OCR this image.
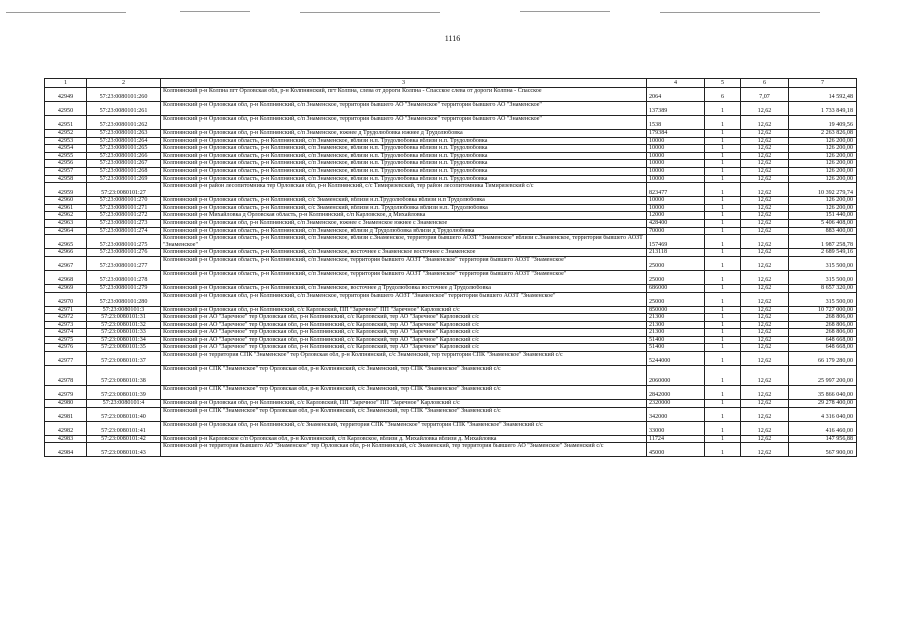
1116
1	2	3	4	5	6	7
42949	57:23:0080101:260	Колпнянский р-н Колпна пгт Орловская обл, р-н Колпнянский, пгт Колпна, слева от дороги Колпна - Спасское слева от дороги Колпна - Спасское	2064	6	7,07	14 592,48
42950	57:23:0080101:261	Колпнянский р-н Орловская обл, р-н Колпнянский, с/п Знаменское, территория бывшего АО "Знаменское" территория бывшего АО "Знаменское"	137389	1	12,62	1 733 849,18
42951	57:23:0080101:262	Колпнянский р-н Орловская обл, р-н Колпнянский, с/п Знаменское, территория бывшего АО "Знаменское" территория бывшего АО "Знаменское"	1538	1	12,62	19 409,56
42952	57:23:0080101:263	Колпнянский р-н Орловская обл, р-н Колпнянский, с/п Знаменское, южнее д Трудолюбовка южнее д Трудолюбовка	179384	1	12,62	2 263 826,08
42953	57:23:0080101:264	Колпнянский р-н Орловская область, р-н Колпнянский, с/п Знаменское, вблизи н.п. Трудолюбовка вблизи н.п. Трудолюбовка	10000	1	12,62	126 200,00
42954	57:23:0080101:265	Колпнянский р-н Орловская область, р-н Колпнянский, с/п Знаменское, вблизи н.п. Трудолюбовка вблизи н.п. Трудолюбовка	10000	1	12,62	126 200,00
42955	57:23:0080101:266	Колпнянский р-н Орловская область, р-н Колпнянский, с/п Знаменское, вблизи н.п. Трудолюбовка вблизи н.п. Трудолюбовка	10000	1	12,62	126 200,00
42956	57:23:0080101:267	Колпнянский р-н Орловская область, р-н Колпнянский, с/п Знаменское, вблизи н.п. Трудолюбовка вблизи н.п. Трудолюбовка	10000	1	12,62	126 200,00
42957	57:23:0080101:268	Колпнянский р-н Орловская область, р-н Колпнянский, с/п Знаменское, вблизи н.п. Трудолюбовка вблизи н.п. Трудолюбовка	10000	1	12,62	126 200,00
42958	57:23:0080101:269	Колпнянский р-н Орловская область, р-н Колпнянский, с/п Знаменское, вблизи н.п. Трудолюбовка вблизи н.п. Трудолюбовка	10000	1	12,62	126 200,00
42959	57:23:0080101:27	Колпнянский р-н район лесопитомника тер Орловская обл, р-н Колпнянский, с/с Тимирязевский, тер район лесопитомника Тимирязевский с/с	823477	1	12,62	10 392 279,74
42960	57:23:0080101:270	Колпнянский р-н Орловская область, р-н Колпнянский, с/с Знаменский, вблизи н.п.Трудолюбовка вблизи н.п Трудолюбовка	10000	1	12,62	126 200,00
42961	57:23:0080101:271	Колпнянский р-н Орловская область, р-н Колпнянский, с/с Знаменский, вблизи н.п. Трудолюбовка вблизи н.п. Трудолюбовка	10000	1	12,62	126 200,00
42962	57:23:0080101:272	Колпнянский р-н Михайловка д Орловская область, р-н Колпнянский, с/п Карловское, д Михайловка	12000	1	12,62	151 440,00
42963	57:23:0080101:273	Колпнянский р-н Орловская обл, р-н Колпнянский, с/п Знаменское, южнее с Знаменское южнее с Знаменское	428400	1	12,62	5 406 408,00
42964	57:23:0080101:274	Колпнянский р-н Орловская область, р-н Колпнянский, с/п Знаменское, вблизи д Трудолюбовка вблизи д Трудолюбовка	70000	1	12,62	883 400,00
42965	57:23:0080101:275	Колпнянский р-н Орловская область, р-н Колпнянский, с/п Знаменское, вблизи с.Знаменское, территория бывшего АОЗТ "Знаменское" вблизи с.Знаменское, территория бывшего АОЗТ "Знаменское"	157469	1	12,62	1 987 258,78
42966	57:23:0080101:276	Колпнянский р-н Орловская область, р-н Колпнянский, с/п Знаменское, восточнее с Знаменское восточнее с Знаменское	213118	1	12,62	2 689 549,16
42967	57:23:0080101:277	Колпнянский р-н Орловская область, р-н Колпнянский, с/п Знаменское, территория бывшего АОЗТ "Знаменское" территория бывшего АОЗТ "Знаменское"	25000	1	12,62	315 500,00
42968	57:23:0080101:278	Колпнянский р-н Орловская область, р-н Колпнянский, с/п Знаменское, территория бывшего АОЗТ "Знаменское" территория бывшего АОЗТ "Знаменское"	25000	1	12,62	315 500,00
42969	57:23:0080101:279	Колпнянский р-н Орловская область, р-н Колпнянский, с/п Знаменское, восточнее д Трудолюбовка восточнее д Трудолюбовка	686000	1	12,62	8 657 320,00
42970	57:23:0080101:280	Колпнянский р-н Орловская обл, р-н Колпнянский, с/п Знаменское, территория бывшего АОЗТ "Знаменское" территория бывшего АОЗТ "Знаменское"	25000	1	12,62	315 500,00
42971	57:23:0080101:3	Колпнянский р-н Орловская обл, р-н Колпнянский, с/с Карловский, ПП "Заречное" ПП "Заречное" Карловский с/с	850000	1	12,62	10 727 000,00
42972	57:23:0080101:31	Колпнянский р-н АО "Заречное" тер Орловская обл, р-н Колпнянский, с/с Карловский, тер АО "Заречное" Карловский с/с	21300	1	12,62	268 806,00
42973	57:23:0080101:32	Колпнянский р-н АО "Заречное" тер Орловская обл, р-н Колпнянский, с/с Карловский, тер АО "Заречное" Карловский с/с	21300	1	12,62	268 806,00
42974	57:23:0080101:33	Колпнянский р-н АО "Заречное" тер Орловская обл, р-н Колпнянский, с/с Карловский, тер АО "Заречное" Карловский с/с	21300	1	12,62	268 806,00
42975	57:23:0080101:34	Колпнянский р-н АО "Заречное" тер Орловская обл, р-н Колпнянский, с/с Карловский, тер АО "Заречное" Карловский с/с	51400	1	12,62	648 668,00
42976	57:23:0080101:35	Колпнянский р-н АО "Заречное" тер Орловская обл, р-н Колпнянский, с/с Карловский, тер АО "Заречное" Карловский с/с	51400	1	12,62	648 668,00
42977	57:23:0080101:37	Колпнянский р-н территория СПК "Знаменское" тер Орловская обл, р-н Колпнянский, с/с Знаменский, тер территория СПК "Знаменское" Знаменский с/с	5244000	1	12,62	66 179 280,00
42978	57:23:0080101:38	Колпнянский р-н СПК "Знаменское" тер Орловская обл, р-н Колпнянский, с/с Знаменский, тер СПК "Знаменское" Знаменский с/с	2060000	1	12,62	25 997 200,00
42979	57:23:0080101:39	Колпнянский р-н СПК "Знаменское" тер Орловская обл, р-н Колпнянский, с/с Знаменский, тер СПК "Знаменское" Знаменский с/с	2842000	1	12,62	35 866 040,00
42980	57:23:0080101:4	Колпнянский р-н Орловская обл, р-н Колпнянский, с/с Карловский, ПП "Заречное" ПП "Заречное" Карловский с/с	2320000	1	12,62	29 278 400,00
42981	57:23:0080101:40	Колпнянский р-н СПК "Знаменское" тер Орловская обл, р-н Колпнянский, с/с Знаменский, тер СПК "Знаменское" Знаменский с/с	342000	1	12,62	4 316 040,00
42982	57:23:0080101:41	Колпнянский р-н Орловская обл, р-н Колпнянский, с/с Знаменский, территория СПК "Знаменское" территория СПК "Знаменское" Знаменский с/с	33000	1	12,62	416 460,00
42983	57:23:0080101:42	Колпнянский р-н Карловское с/п Орловская обл, р-н Колпнянский, с/п Карловское, вблизи д. Михайловка вблизи д. Михайловка	11724	1	12,62	147 956,88
42984	57:23:0080101:43	Колпнянский р-н территория бывшего АО "Знаменское" тер Орловская обл, р-н Колпнянский, с/с Знаменский, тер территория бывшего АО "Знаменское" Знаменский с/с	45000	1	12,62	567 900,00
